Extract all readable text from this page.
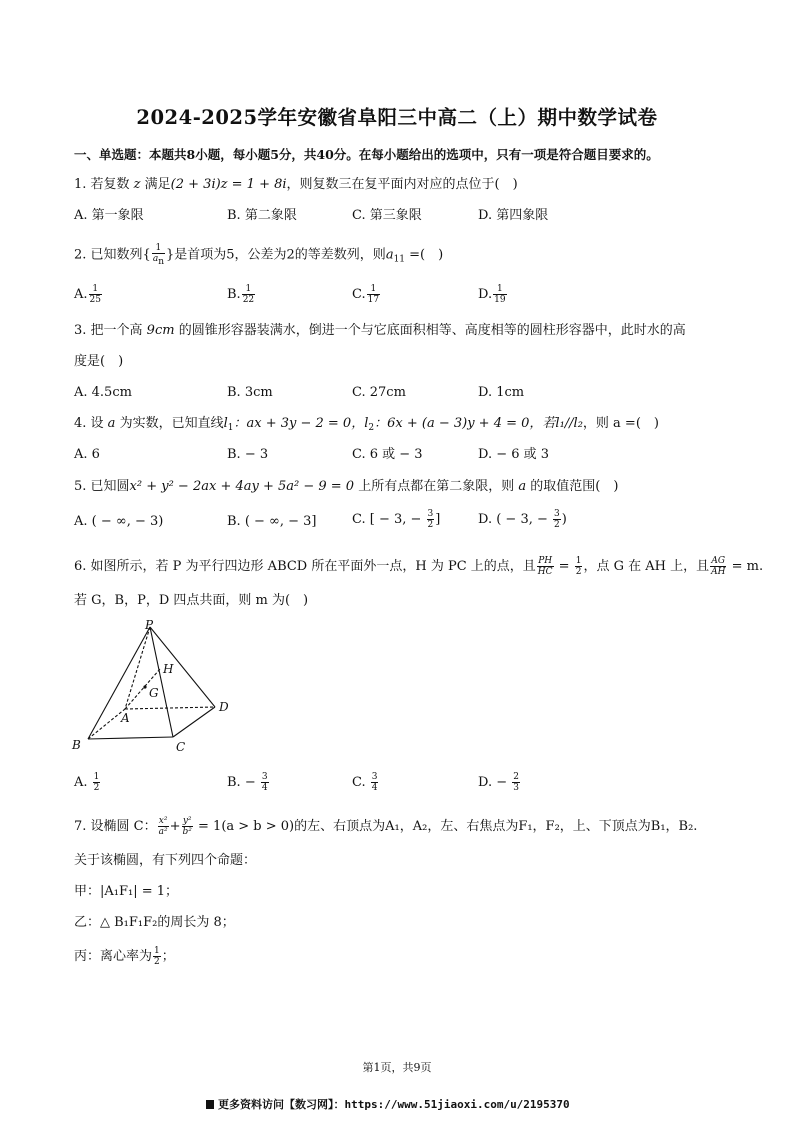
2024-2025学年安徽省阜阳三中高二（上）期中数学试卷
一、单选题：本题共8小题，每小题5分，共40分。在每小题给出的选项中，只有一项是符合题目要求的。
1. 若复数 z 满足(2 + 3i)z = 1 + 8i，则复数三在复平面内对应的点位于(　)
A. 第一象限	B. 第二象限	C. 第三象限	D. 第四象限
2. 已知数列{ $\frac{1}{an}$ }是首项为5，公差为2的等差数列，则$a_{11}$ =(　)
A. $\frac{1}{25}$	B. $\frac{1}{22}$	C. $\frac{1}{17}$	D. $\frac{1}{19}$
3. 把一个高 9cm 的圆锥形容器装满水，倒进一个与它底面积相等、高度相等的圆柱形容器中，此时水的高
度是(　)
A. 4.5cm	B. 3cm	C. 27cm	D. 1cm
4. 设 a 为实数，已知直线$l_1$：ax + 3y − 2 = 0，$l_2$：6x + (a − 3)y + 4 = 0，若l₁//l₂，则 a =(　)
A. 6	B. − 3	C. 6 或 − 3	D. − 6 或 3
5. 已知圆x² + y² − 2ax + 4ay + 5a² − 9 = 0 上所有点都在第二象限，则 a 的取值范围(　)
A. ( − ∞, − 3)	B. ( − ∞, − 3]	C. [ − 3, − $\frac{3}{2}$ ]	D. ( − 3, − $\frac{3}{2}$ )
6. 如图所示，若 P 为平行四边形 ABCD 所在平面外一点，H 为 PC 上的点，且 $\frac{PH}{HC} = \frac{1}{2}$ ，点 G 在 AH 上，且 $\frac{AG}{AH} = m$.
若 G，B，P，D 四点共面，则 m 为(　)
P
H
G
A
D
B	C
A. $\frac{1}{2}$	B. − $\frac{3}{4}$	C. $\frac{3}{4}$	D. − $\frac{2}{3}$
7. 设椭圆 C： $\frac{\text{x²}}{\text{a²}} + \frac{\text{y²}}{\text{b²}} = 1(a > b > 0)$的左、右顶点为A₁，A₂，左、右焦点为F₁，F₂，上、下顶点为B₁，B₂.
关于该椭圆，有下列四个命题：
甲：|A₁F₁| = 1；
乙：△ B₁F₁F₂的周长为 8；
丙：离心率为 $\frac{1}{2}$ ；
第1页，共9页
更多资料访问【数习网】：https://www.51jiaoxi.com/u/2195370
